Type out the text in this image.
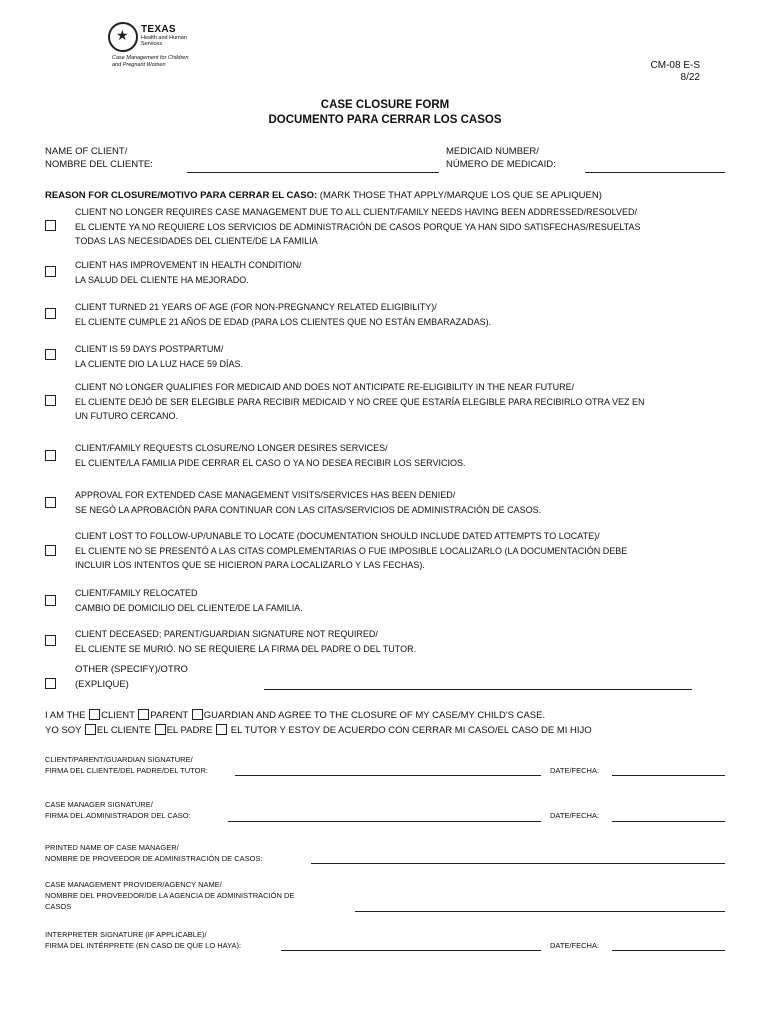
★
TEXAS
Health and Human
Services
Case Management for Children
and Pregnant Women	CM-08 E-S
8/22
CASE CLOSURE FORM
DOCUMENTO PARA CERRAR LOS CASOS
NAME OF CLIENT/
NOMBRE DEL CLIENTE:
MEDICAID NUMBER/
NÚMERO DE MEDICAID:
REASON FOR CLOSURE/MOTIVO PARA CERRAR EL CASO: (MARK THOSE THAT APPLY/MARQUE LOS QUE SE APLIQUEN)
CLIENT NO LONGER REQUIRES CASE MANAGEMENT DUE TO ALL CLIENT/FAMILY NEEDS HAVING BEEN ADDRESSED/RESOLVED/
EL CLIENTE YA NO REQUIERE LOS SERVICIOS DE ADMINISTRACIÓN DE CASOS PORQUE YA HAN SIDO SATISFECHAS/RESUELTAS
TODAS LAS NECESIDADES DEL CLIENTE/DE LA FAMILIA
CLIENT HAS IMPROVEMENT IN HEALTH CONDITION/
LA SALUD DEL CLIENTE HA MEJORADO.
CLIENT TURNED 21 YEARS OF AGE (FOR NON-PREGNANCY RELATED ELIGIBILITY)/
EL CLIENTE CUMPLE 21 AÑOS DE EDAD (PARA LOS CLIENTES QUE NO ESTÁN EMBARAZADAS).
CLIENT IS 59 DAYS POSTPARTUM/
LA CLIENTE DIO LA LUZ HACE 59 DÍAS.
CLIENT NO LONGER QUALIFIES FOR MEDICAID AND DOES NOT ANTICIPATE RE-ELIGIBILITY IN THE NEAR FUTURE/
EL CLIENTE DEJÓ DE SER ELEGIBLE PARA RECIBIR MEDICAID Y NO CREE QUE ESTARÍA ELEGIBLE PARA RECIBIRLO OTRA VEZ EN
UN FUTURO CERCANO.
CLIENT/FAMILY REQUESTS CLOSURE/NO LONGER DESIRES SERVICES/
EL CLIENTE/LA FAMILIA PIDE CERRAR EL CASO O YA NO DESEA RECIBIR LOS SERVICIOS.
APPROVAL FOR EXTENDED CASE MANAGEMENT VISITS/SERVICES HAS BEEN DENIED/
SE NEGÓ LA APROBACIÓN PARA CONTINUAR CON LAS CITAS/SERVICIOS DE ADMINISTRACIÓN DE CASOS.
CLIENT LOST TO FOLLOW-UP/UNABLE TO LOCATE (DOCUMENTATION SHOULD INCLUDE DATED ATTEMPTS TO LOCATE)/
EL CLIENTE NO SE PRESENTÓ A LAS CITAS COMPLEMENTARIAS O FUE IMPOSIBLE LOCALIZARLO (LA DOCUMENTACIÓN DEBE
INCLUIR LOS INTENTOS QUE SE HICIERON PARA LOCALIZARLO Y LAS FECHAS).
CLIENT/FAMILY RELOCATED
CAMBIO DE DOMICILIO DEL CLIENTE/DE LA FAMILIA.
CLIENT DECEASED; PARENT/GUARDIAN SIGNATURE NOT REQUIRED/
EL CLIENTE SE MURIÓ. NO SE REQUIERE LA FIRMA DEL PADRE O DEL TUTOR.
OTHER (SPECIFY)/OTRO
(EXPLIQUE)
I AM THE CLIENT PARENT GUARDIAN AND AGREE TO THE CLOSURE OF MY CASE/MY CHILD'S CASE.
YO SOY EL CLIENTE EL PADRE  EL TUTOR Y ESTOY DE ACUERDO CON CERRAR MI CASO/EL CASO DE MI HIJO
CLIENT/PARENT/GUARDIAN SIGNATURE/
FIRMA DEL CLIENTE/DEL PADRE/DEL TUTOR:	DATE/FECHA:
CASE MANAGER SIGNATURE/
FIRMA DEL ADMINISTRADOR DEL CASO:	DATE/FECHA:
PRINTED NAME OF CASE MANAGER/
NOMBRE DE PROVEEDOR DE ADMINISTRACIÓN DE CASOS:
CASE MANAGEMENT PROVIDER/AGENCY NAME/
NOMBRE DEL PROVEEDOR/DE LA AGENCIA DE ADMINISTRACIÓN DE
CASOS
INTERPRETER SIGNATURE (IF APPLICABLE)/
FIRMA DEL INTÉRPRETE (EN CASO DE QUE LO HAYA):	DATE/FECHA:
